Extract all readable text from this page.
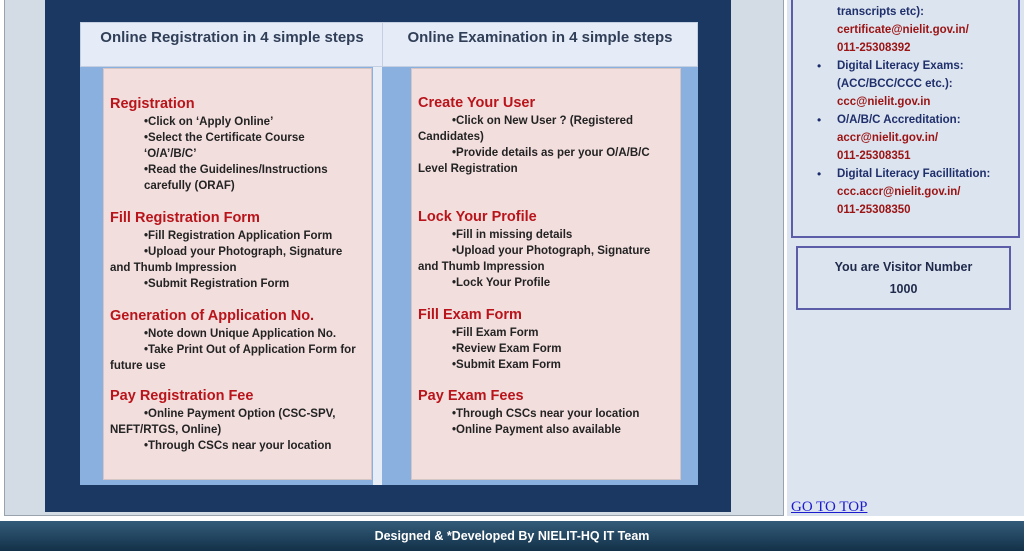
Online Registration in 4 simple steps	Online Examination in 4 simple steps
Registration
•Click on ‘Apply Online’
•Select the Certificate Course
‘O/A’/B/C’
•Read the Guidelines/Instructions
carefully (ORAF)
Fill Registration Form
•Fill Registration Application Form
•Upload your Photograph, Signature
and Thumb Impression
•Submit Registration Form
Generation of Application No.
•Note down Unique Application No.
•Take Print Out of Application Form for
future use
Pay Registration Fee
•Online Payment Option (CSC-SPV,
NEFT/RTGS, Online)
•Through CSCs near your location
Create Your User
•Click on New User ? (Registered
Candidates)
•Provide details as per your O/A/B/C
Level Registration
Lock Your Profile
•Fill in missing details
•Upload your Photograph, Signature
and Thumb Impression
•Lock Your Profile
Fill Exam Form
•Fill Exam Form
•Review Exam Form
•Submit Exam Form
Pay Exam Fees
•Through CSCs near your location
•Online Payment also available
transcripts etc):
certificate@nielit.gov.in/
011-25308392
• Digital Literacy Exams:
(ACC/BCC/CCC etc.):
ccc@nielit.gov.in
• O/A/B/C Accreditation:
accr@nielit.gov.in/
011-25308351
• Digital Literacy Facillitation:
ccc.accr@nielit.gov.in/
011-25308350
You are Visitor Number
1000
GO TO TOP
Designed & *Developed By NIELIT-HQ IT Team
